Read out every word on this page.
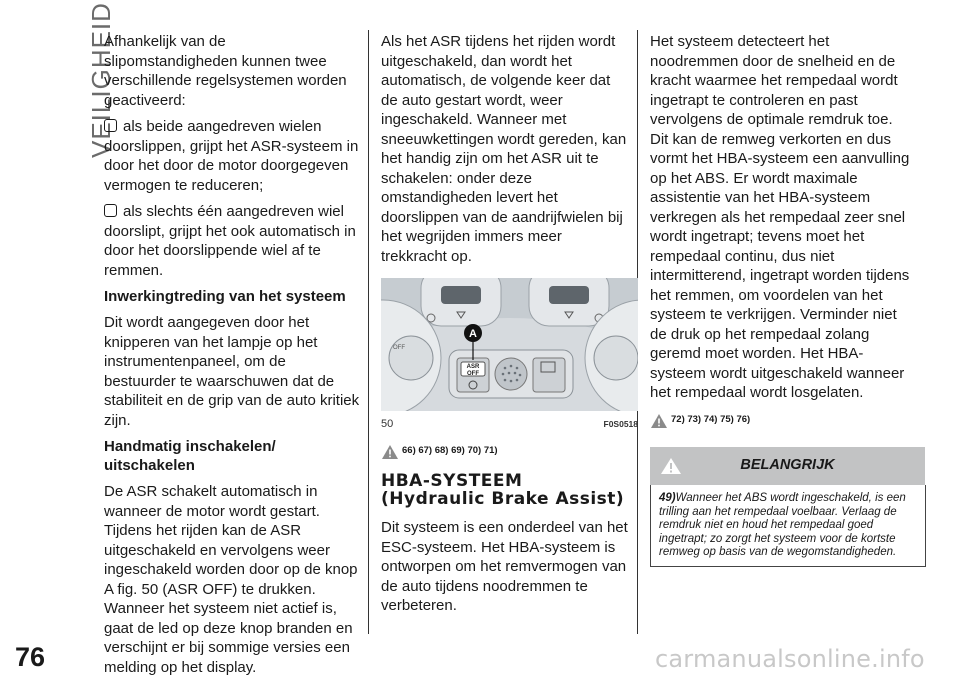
VEILIGHEID

Afhankelijk van de slipomstandigheden kunnen twee verschillende regelsystemen worden geactiveerd:

als beide aangedreven wielen doorslippen, grijpt het ASR-systeem in door het door de motor doorgegeven vermogen te reduceren;

als slechts één aangedreven wiel doorslipt, grijpt het ook automatisch in door het doorslippende wiel af te remmen.

Inwerkingtreding van het systeem

Dit wordt aangegeven door het knipperen van het lampje op het instrumentenpaneel, om de bestuurder te waarschuwen dat de stabiliteit en de grip van de auto kritiek zijn.

Handmatig inschakelen/ uitschakelen

De ASR schakelt automatisch in wanneer de motor wordt gestart. Tijdens het rijden kan de ASR uitgeschakeld en vervolgens weer ingeschakeld worden door op de knop A fig. 50 (ASR OFF) te drukken. Wanneer het systeem niet actief is, gaat de led op deze knop branden en verschijnt er bij sommige versies een melding op het display.

Als het ASR tijdens het rijden wordt uitgeschakeld, dan wordt het automatisch, de volgende keer dat de auto gestart wordt, weer ingeschakeld. Wanneer met sneeuwkettingen wordt gereden, kan het handig zijn om het ASR uit te schakelen: onder deze omstandigheden levert het doorslippen van de aandrijfwielen bij het wegrijden immers meer trekkracht op.

OFF
ASR
OFF
A
50	F0S0518
66) 67) 68) 69) 70) 71)
HBA-SYSTEEM (Hydraulic Brake Assist)

Dit systeem is een onderdeel van het ESC-systeem. Het HBA-systeem is ontworpen om het remvermogen van de auto tijdens noodremmen te verbeteren.

Het systeem detecteert het noodremmen door de snelheid en de kracht waarmee het rempedaal wordt ingetrapt te controleren en past vervolgens de optimale remdruk toe. Dit kan de remweg verkorten en dus vormt het HBA-systeem een aanvulling op het ABS. Er wordt maximale assistentie van het HBA-systeem verkregen als het rempedaal zeer snel wordt ingetrapt; tevens moet het rempedaal continu, dus niet intermitterend, ingetrapt worden tijdens het remmen, om voordelen van het systeem te verkrijgen. Verminder niet de druk op het rempedaal zolang geremd moet worden. Het HBA-systeem wordt uitgeschakeld wanneer het rempedaal wordt losgelaten.

72) 73) 74) 75) 76)
BELANGRIJK
49)Wanneer het ABS wordt ingeschakeld, is een trilling aan het rempedaal voelbaar. Verlaag de remdruk niet en houd het rempedaal goed ingetrapt; zo zorgt het systeem voor de kortste remweg op basis van de wegomstandigheden.
76	carmanualsonline.info
